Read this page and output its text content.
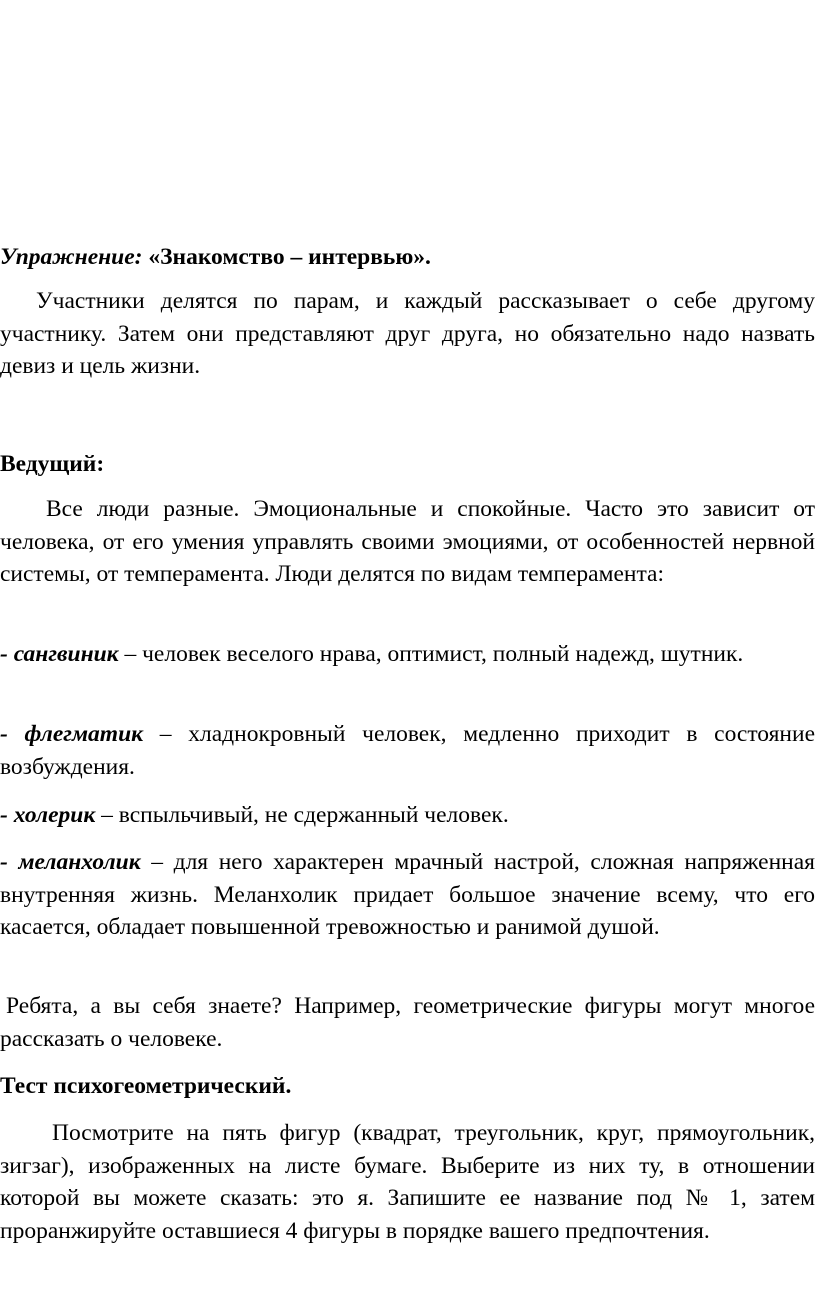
Упражнение: «Знакомство – интервью».

Участники делятся по парам, и каждый рассказывает о себе другому участнику. Затем они представляют друг друга, но обязательно надо назвать девиз и цель жизни.

Ведущий:

Все люди разные. Эмоциональные и спокойные. Часто это зависит от человека, от его умения управлять своими эмоциями, от особенностей нервной системы, от темперамента. Люди делятся по видам темперамента:

- сангвиник – человек веселого нрава, оптимист, полный надежд, шутник.

- флегматик – хладнокровный человек, медленно приходит в состояние возбуждения.

- холерик – вспыльчивый, не сдержанный человек.

- меланхолик – для него характерен мрачный настрой, сложная напряженная внутренняя жизнь. Меланхолик придает большое значение всему, что его касается, обладает повышенной тревожностью и ранимой душой.

Ребята, а вы себя знаете? Например, геометрические фигуры могут многое рассказать о человеке.

Тест психогеометрический.

Посмотрите на пять фигур (квадрат, треугольник, круг, прямоугольник, зигзаг), изображенных на листе бумаге. Выберите из них ту, в отношении которой вы можете сказать: это я. Запишите ее название под № 1, затем проранжируйте оставшиеся 4 фигуры в порядке вашего предпочтения.
